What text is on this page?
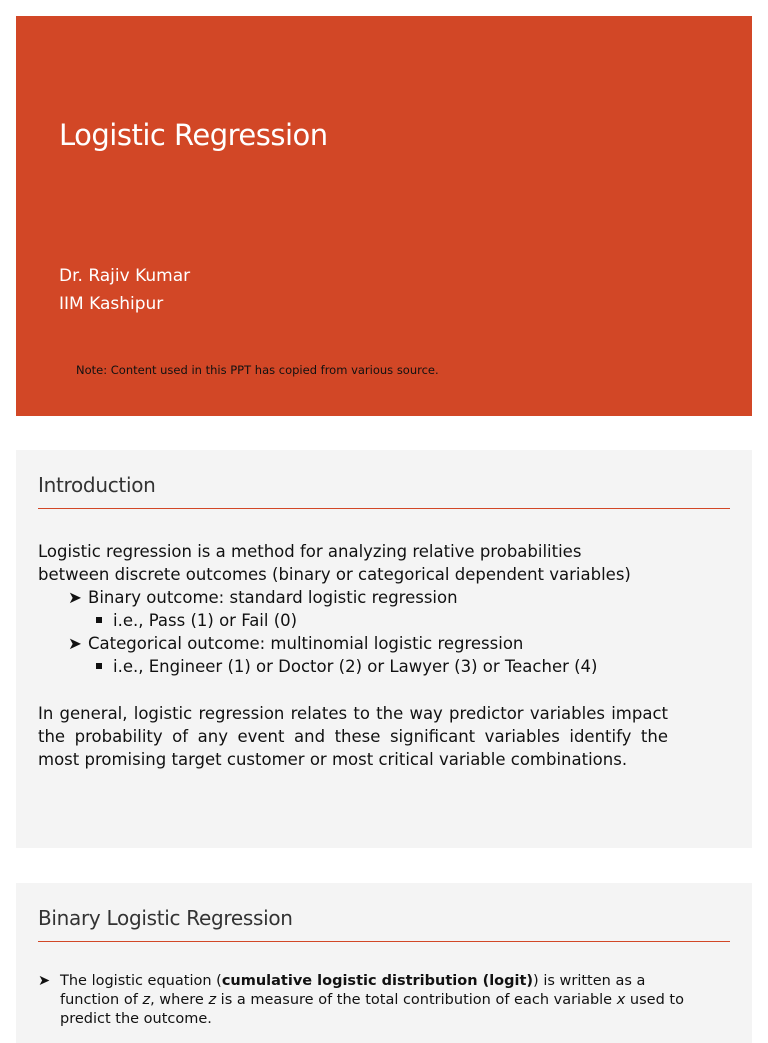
Logistic Regression
Dr. Rajiv Kumar
IIM Kashipur
Note: Content used in this PPT has copied from various source.
Introduction
Logistic regression is a method for analyzing relative probabilities
between discrete outcomes (binary or categorical dependent variables)
➤ Binary outcome: standard logistic regression
i.e., Pass (1) or Fail (0)
➤ Categorical outcome: multinomial logistic regression
i.e., Engineer (1) or Doctor (2) or Lawyer (3) or Teacher (4)
In general, logistic regression relates to the way predictor variables impact the probability of any event and these significant variables identify the most promising target customer or most critical variable combinations.
Binary Logistic Regression
➤ The logistic equation (cumulative logistic distribution (logit)) is written as a function of z, where z is a measure of the total contribution of each variable x used to predict the outcome.
